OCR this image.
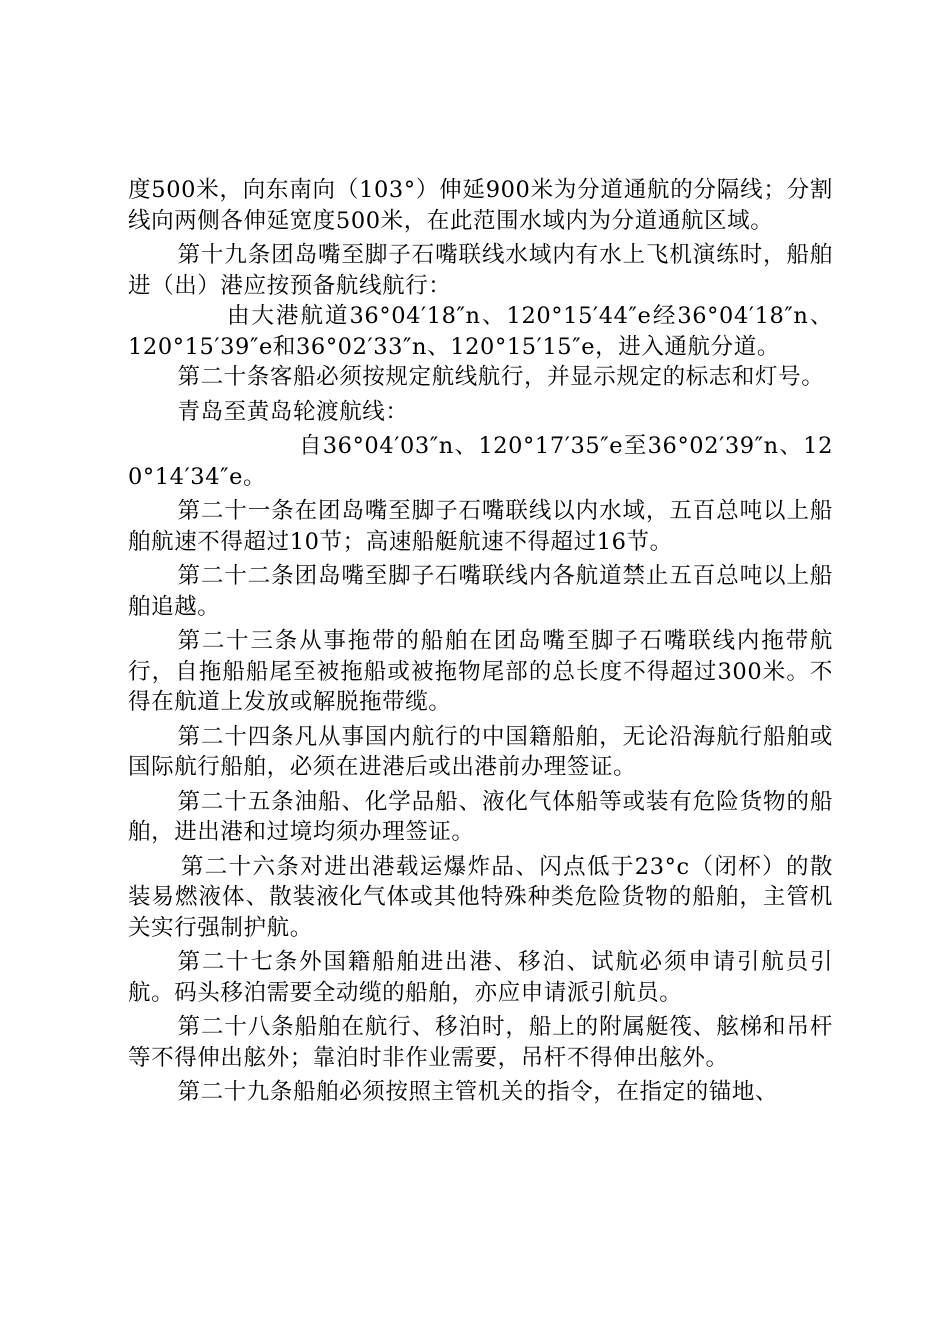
度500米，向东南向（103°）伸延900米为分道通航的分隔线；分割线向两侧各伸延宽度500米，在此范围水域内为分道通航区域。

第十九条团岛嘴至脚子石嘴联线水域内有水上飞机演练时，船舶进（出）港应按预备航线航行：

由大港航道36°04′18″n、120°15′44″e经36°04′18″n、120°15′39″e和36°02′33″n、120°15′15″e，进入通航分道。

第二十条客船必须按规定航线航行，并显示规定的标志和灯号。

青岛至黄岛轮渡航线：

自36°04′03″n、120°17′35″e至36°02′39″n、120°14′34″e。

第二十一条在团岛嘴至脚子石嘴联线以内水域，五百总吨以上船舶航速不得超过10节；高速船艇航速不得超过16节。

第二十二条团岛嘴至脚子石嘴联线内各航道禁止五百总吨以上船舶追越。

第二十三条从事拖带的船舶在团岛嘴至脚子石嘴联线内拖带航行，自拖船船尾至被拖船或被拖物尾部的总长度不得超过300米。不得在航道上发放或解脱拖带缆。

第二十四条凡从事国内航行的中国籍船舶，无论沿海航行船舶或国际航行船舶，必须在进港后或出港前办理签证。

第二十五条油船、化学品船、液化气体船等或装有危险货物的船舶，进出港和过境均须办理签证。

第二十六条对进出港载运爆炸品、闪点低于23°c（闭杯）的散装易燃液体、散装液化气体或其他特殊种类危险货物的船舶，主管机关实行强制护航。

第二十七条外国籍船舶进出港、移泊、试航必须申请引航员引航。码头移泊需要全动缆的船舶，亦应申请派引航员。

第二十八条船舶在航行、移泊时，船上的附属艇筏、舷梯和吊杆等不得伸出舷外；靠泊时非作业需要，吊杆不得伸出舷外。

第二十九条船舶必须按照主管机关的指令，在指定的锚地、
